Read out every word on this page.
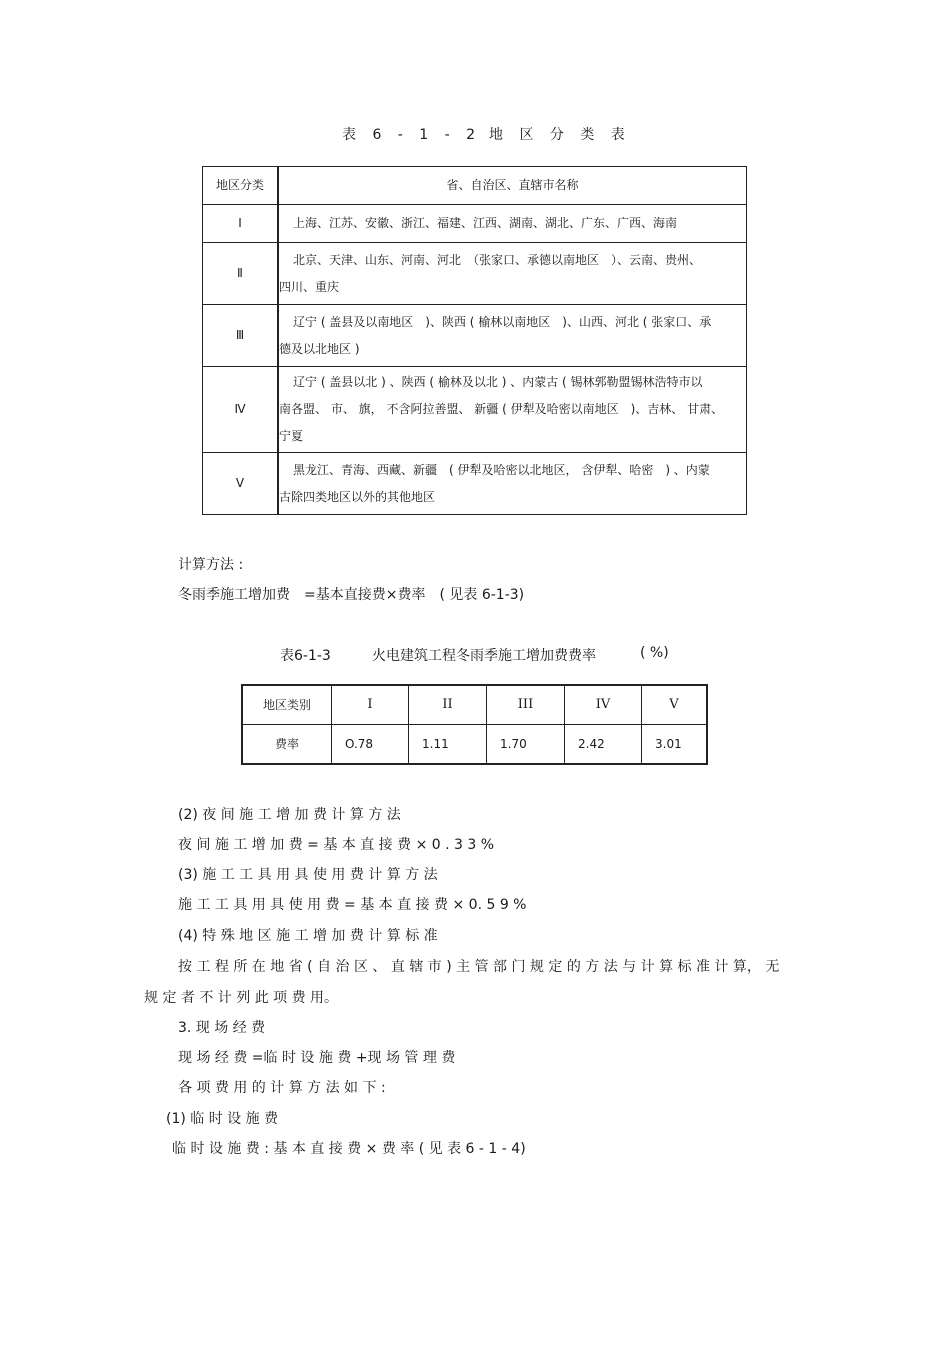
表 6 - 1 - 2 地 区 分 类 表
地区分类	省、自治区、直辖市名称
I	上海、江苏、安徽、浙江、福建、江西、湖南、湖北、广东、广西、海南
Ⅱ	北京、天津、山东、河南、河北　（张家口、承德以南地区　）、云南、贵州、
四川、重庆
Ⅲ	辽宁 ( 盖县及以南地区　)、陕西 ( 榆林以南地区　)、山西、河北 ( 张家口、承
德及以北地区 )
Ⅳ	辽宁 ( 盖县以北 ) 、陕西 ( 榆林及以北 ) 、内蒙古 ( 锡林郭勒盟锡林浩特市以
南各盟、 市、 旗， 不含阿拉善盟、 新疆 ( 伊犁及哈密以南地区　)、吉林、 甘肃、
宁夏
V	黑龙江、青海、西藏、新疆　( 伊犁及哈密以北地区， 含伊犁、哈密　) 、内蒙
古除四类地区以外的其他地区
计算方法 :
冬雨季施工增加费　=基本直接费×费率　( 见表 6-1-3)
表6-1-3	火电建筑工程冬雨季施工增加费费率	( %)
地区类别	I	II	III	IV	V
费率	O.78	1.11	1.70	2.42	3.01
(2) 夜 间 施 工 增 加 费 计 算 方 法
夜 间 施 工 增 加 费 = 基 本 直 接 费 × 0 . 3 3 %
(3) 施 工 工 具 用 具 使 用 费 计 算 方 法
施 工 工 具 用 具 使 用 费 = 基 本 直 接 费 × 0. 5 9 %
(4) 特 殊 地 区 施 工 增 加 费 计 算 标 准
按 工 程 所 在 地 省 ( 自 治 区 、 直 辖 市 ) 主 管 部 门 规 定 的 方 法 与 计 算 标 准 计 算， 无
规 定 者 不 计 列 此 项 费 用。
3. 现 场 经 费
现 场 经 费 =临 时 设 施 费 +现 场 管 理 费
各 项 费 用 的 计 算 方 法 如 下 :
(1) 临 时 设 施 费
临 时 设 施 费 : 基 本 直 接 费 × 费 率 ( 见 表 6 - 1 - 4)
